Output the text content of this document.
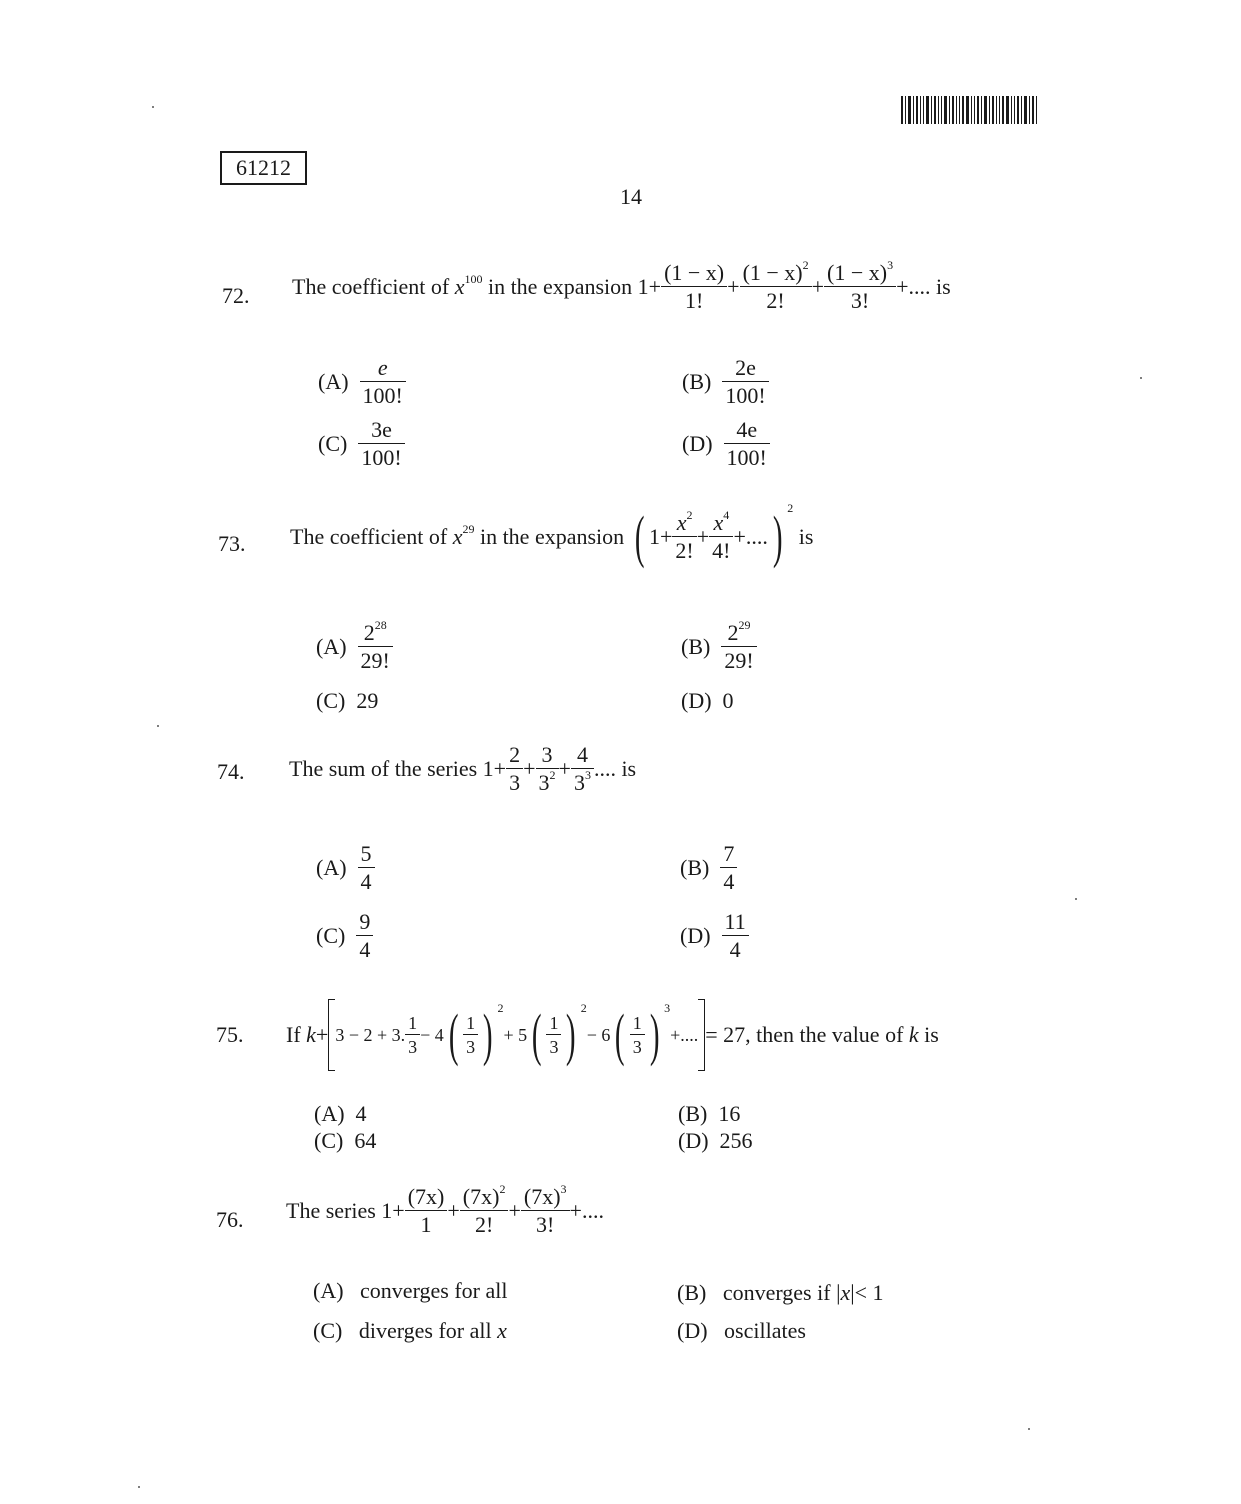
61212
14
72. The coefficient of $x^{100}$ in the expansion $1+ \frac{(1 - x)}{1!} + \frac{(1 - x)^2}{2!} + \frac{(1 - x)^3}{3!}$ +.... is
$(A) \frac{e}{100!}$	$(B) \frac{2e}{100!}$
$(C) \frac{3e}{100!}$	$(D) \frac{4e}{100!}$
73. The coefficient of $x^{29}$ in the expansion ( $1+ \frac{x^2}{2!} + \frac{x^4}{4!}$ +....) $^2$ is
$(A) \frac{2^{28}}{29!}$	$(B) \frac{2^{29}}{29!}$
(C) 29	(D) 0
74. The sum of the series $1+ \frac{2}{3} + \frac{3}{3^2} + \frac{4}{3^3}$ .... is
$(A) \frac{5}{4}$	$(B) \frac{7}{4}$
$(C) \frac{9}{4}$	$(D) \frac{11}{4}$
75. If k+ 3 − 2 + 3. $\frac{1}{3} - 4( \frac{1}{3}$ ) $^2+ 5( \frac{1}{3}$ ) $^2- 6( \frac{1}{3}$ ) $^3$+.... = 27, then the value of k is
(A) 4	(B) 16
(C) 64	(D) 256
76. The series $1+ \frac{(7x)}{1} + \frac{(7x)^2}{2!} + \frac{(7x)^3}{3!}$ +....
(A) converges for all	(B) converges if |x|< 1
(C) diverges for all x	(D) oscillates
